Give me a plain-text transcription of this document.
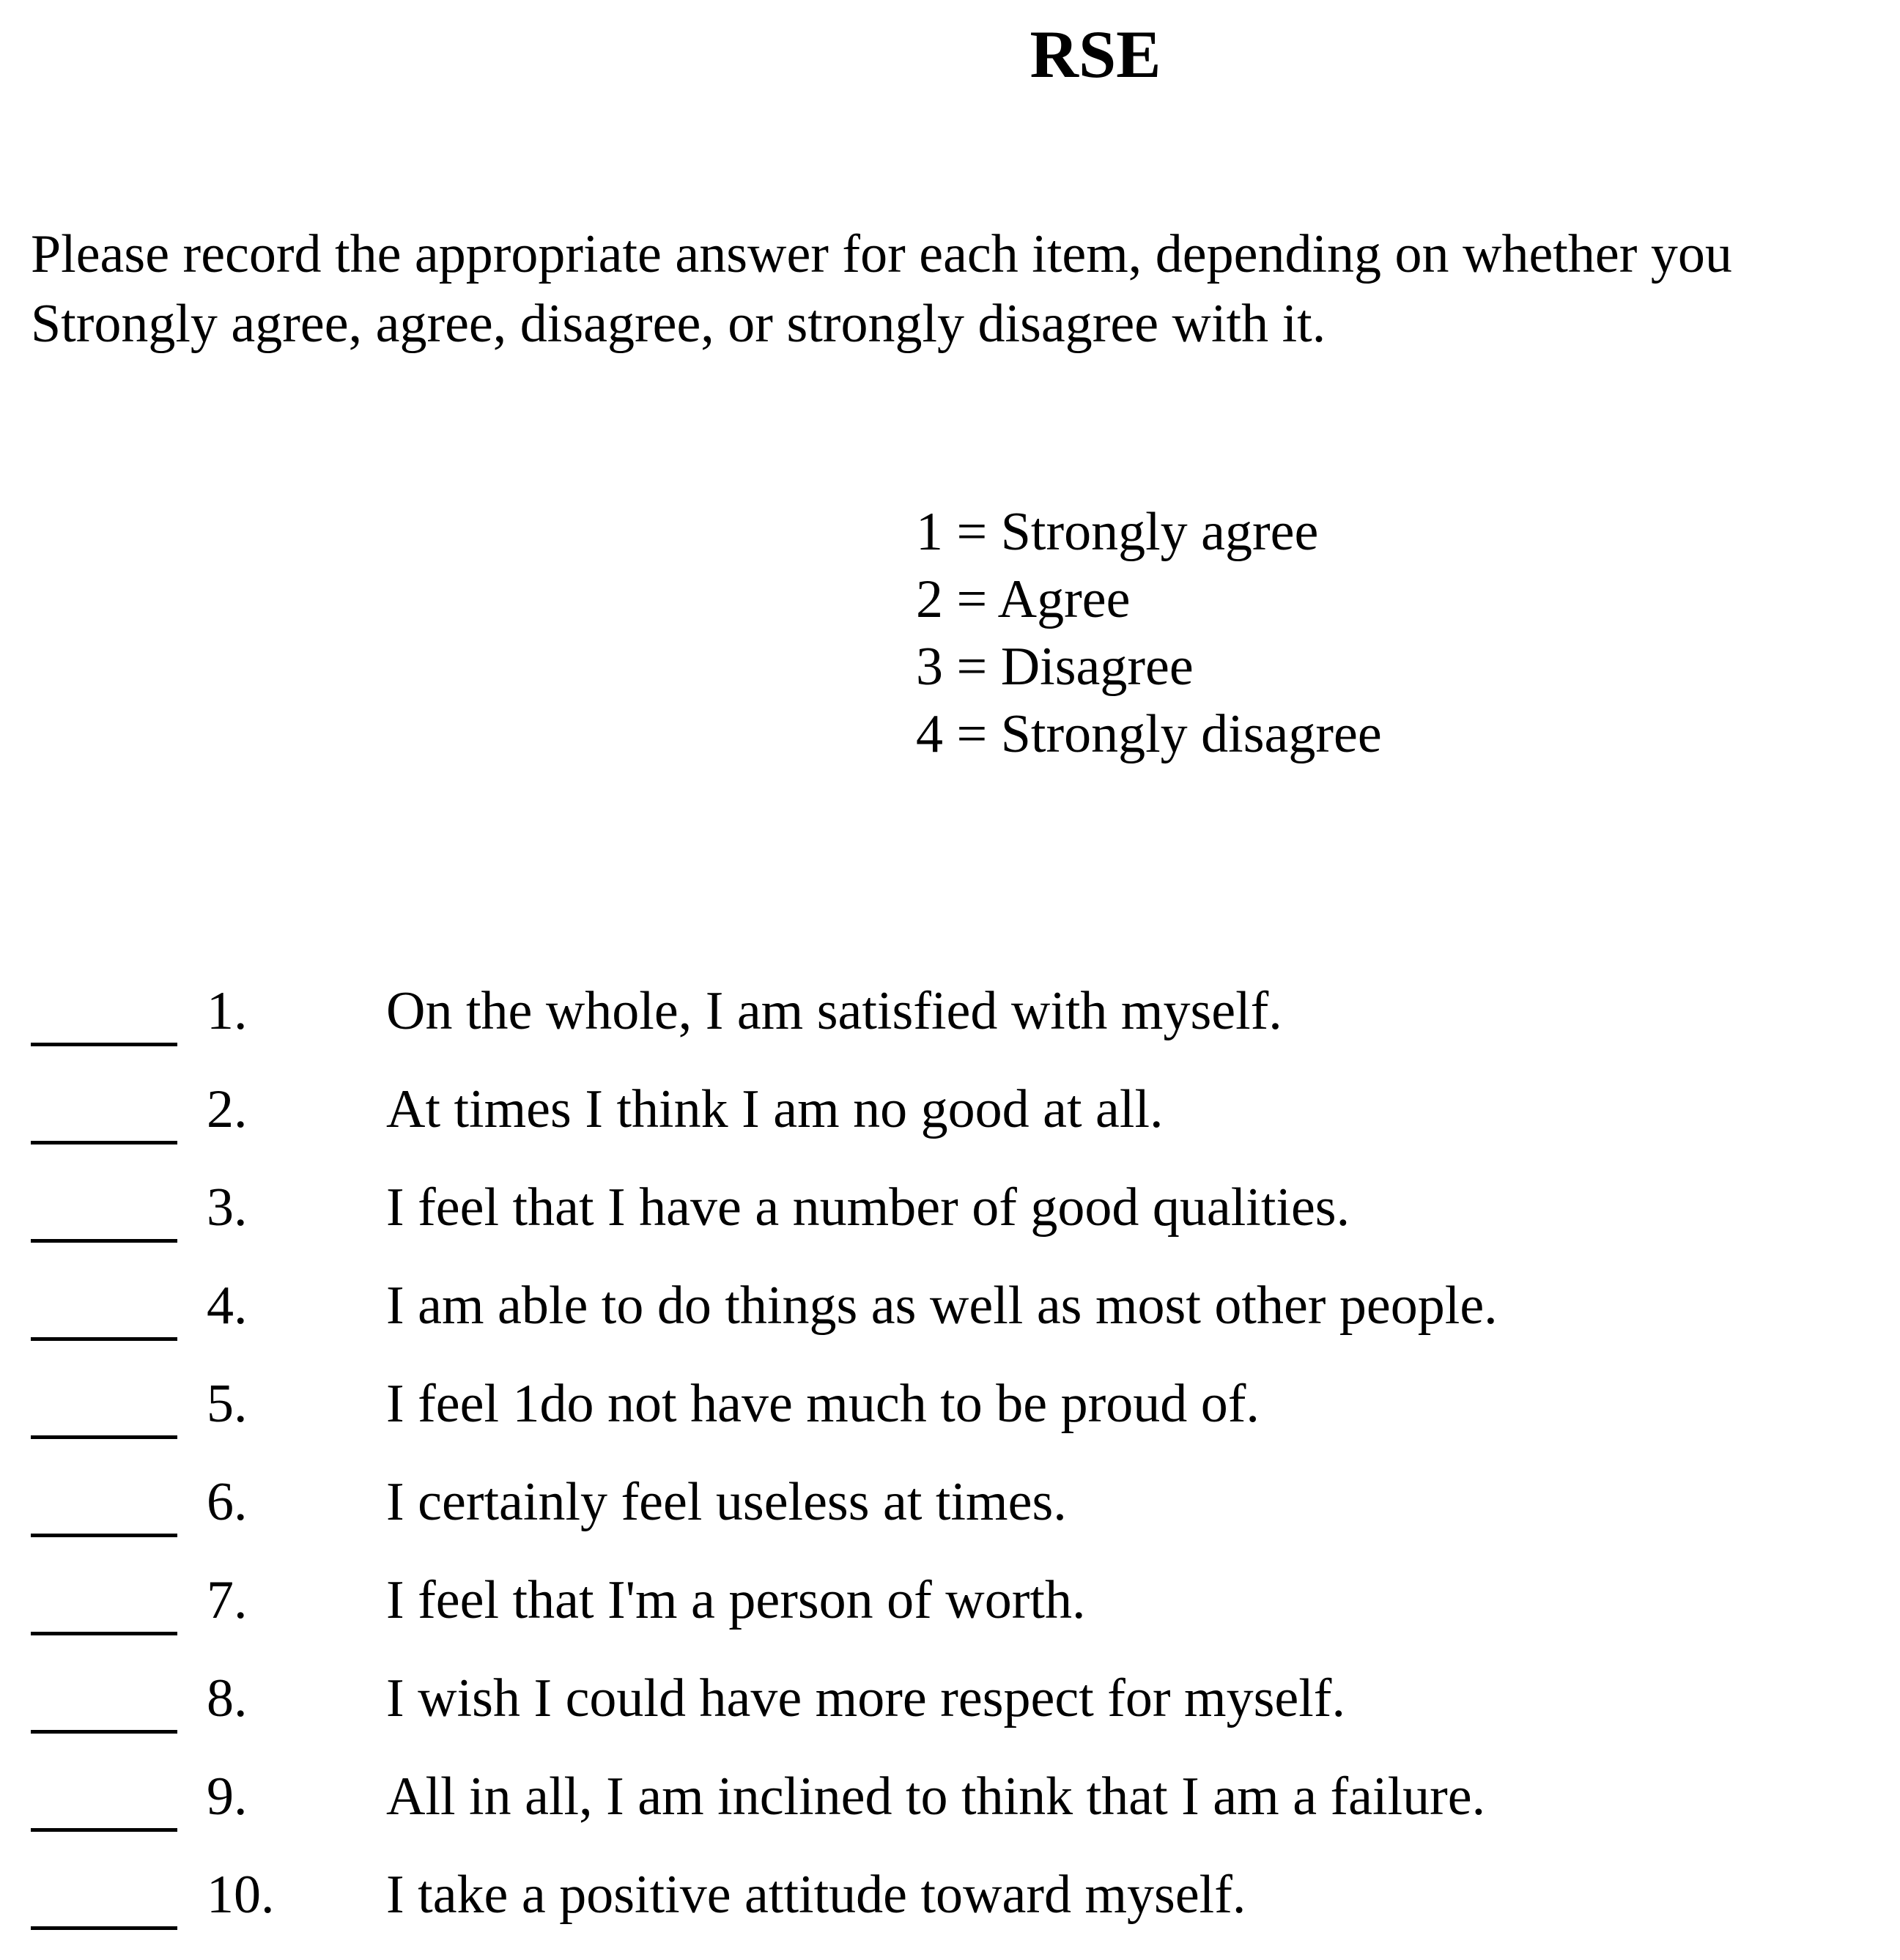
RSE

Please record the appropriate answer for each item, depending on whether you
Strongly agree, agree, disagree, or strongly disagree with it.

1 = Strongly agree
2 = Agree
3 = Disagree
4 = Strongly disagree
1.	On the whole, I am satisfied with myself.
2.	At times I think I am no good at all.
3.	I feel that I have a number of good qualities.
4.	I am able to do things as well as most other people.
5.	I feel 1do not have much to be proud of.
6.	I certainly feel useless at times.
7.	I feel that I'm a person of worth.
8.	I wish I could have more respect for myself.
9.	All in all, I am inclined to think that I am a failure.
10. I take a positive attitude toward myself.
